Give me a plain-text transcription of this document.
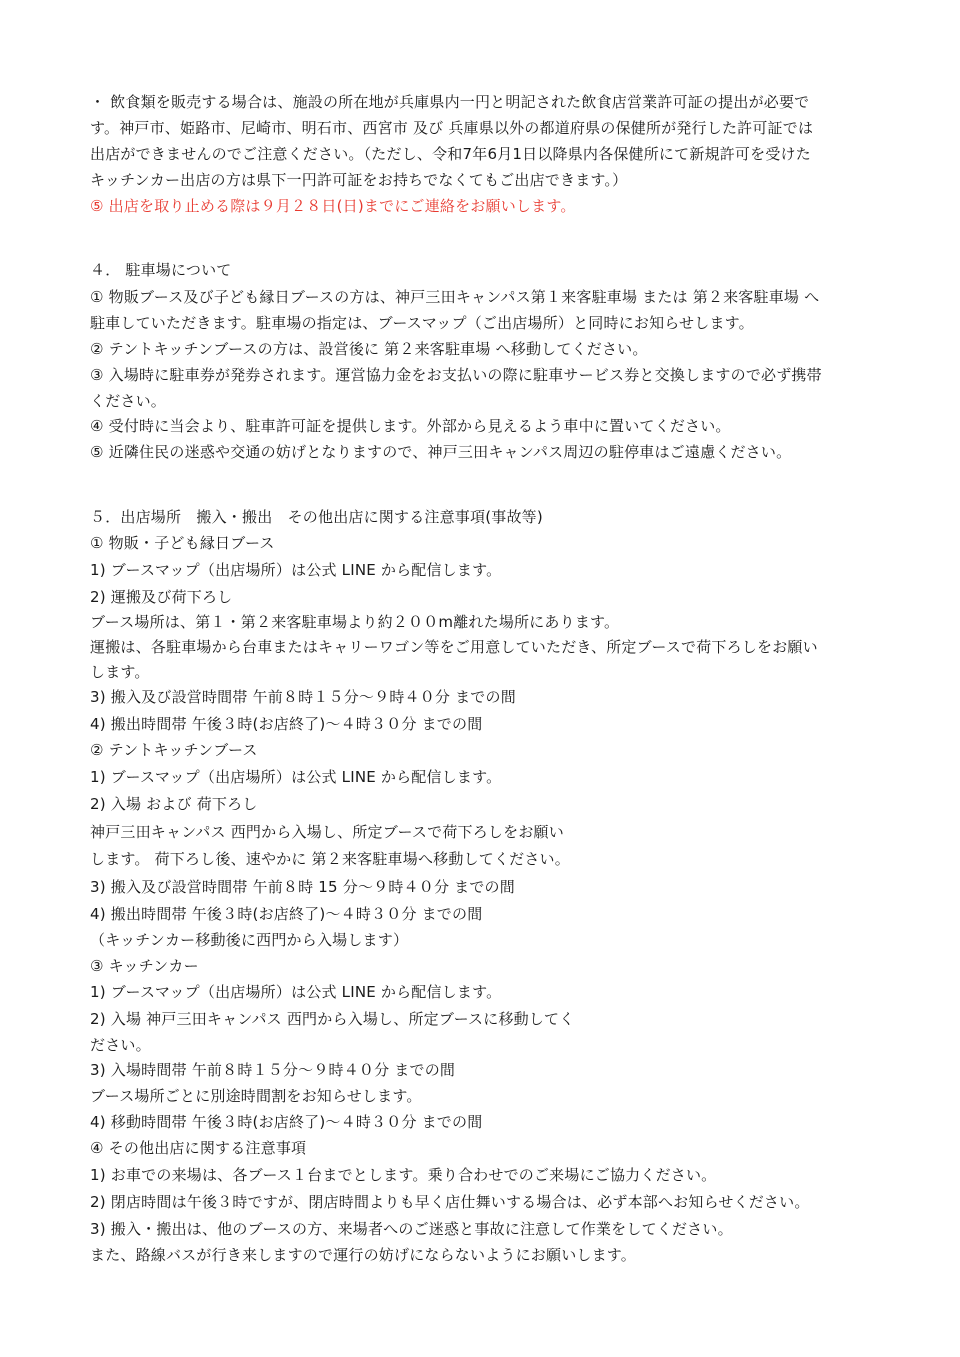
・ 飲食類を販売する場合は、施設の所在地が兵庫県内一円と明記された飲食店営業許可証の提出が必要で
す。神戸市、姫路市、尼崎市、明石市、西宮市 及び 兵庫県以外の都道府県の保健所が発行した許可証では
出店ができませんのでご注意ください。（ただし、令和7年6月1日以降県内各保健所にて新規許可を受けた
キッチンカー出店の方は県下一円許可証をお持ちでなくてもご出店できます。）
⑤ 出店を取り止める際は９月２８日(日)までにご連絡をお願いします。
４． 駐車場について
① 物販ブース及び子ども縁日ブースの方は、神戸三田キャンパス第１来客駐車場 または 第２来客駐車場 へ
駐車していただきます。駐車場の指定は、ブースマップ（ご出店場所）と同時にお知らせします。
② テントキッチンブースの方は、設営後に 第２来客駐車場 へ移動してください。
③ 入場時に駐車券が発券されます。運営協力金をお支払いの際に駐車サービス券と交換しますので必ず携帯
ください。
④ 受付時に当会より、駐車許可証を提供します。外部から見えるよう車中に置いてください。
⑤ 近隣住民の迷惑や交通の妨げとなりますので、神戸三田キャンパス周辺の駐停車はご遠慮ください。
５．出店場所　搬入・搬出　その他出店に関する注意事項(事故等)
① 物販・子ども縁日ブース
1) ブースマップ（出店場所）は公式 LINE から配信します。
2) 運搬及び荷下ろし
ブース場所は、第１・第２来客駐車場より約２００m離れた場所にあります。
運搬は、各駐車場から台車またはキャリーワゴン等をご用意していただき、所定ブースで荷下ろしをお願い
します。
3) 搬入及び設営時間帯 午前８時１５分〜９時４０分 までの間
4) 搬出時間帯 午後３時(お店終了)〜４時３０分 までの間
② テントキッチンブース
1) ブースマップ（出店場所）は公式 LINE から配信します。
2) 入場 および 荷下ろし
神戸三田キャンパス 西門から入場し、所定ブースで荷下ろしをお願い
します。 荷下ろし後、速やかに 第２来客駐車場へ移動してください。
3) 搬入及び設営時間帯 午前８時 15 分〜９時４０分 までの間
4) 搬出時間帯 午後３時(お店終了)〜４時３０分 までの間
（キッチンカー移動後に西門から入場します）
③ キッチンカー
1) ブースマップ（出店場所）は公式 LINE から配信します。
2) 入場 神戸三田キャンパス 西門から入場し、所定ブースに移動してく
ださい。
3) 入場時間帯 午前８時１５分〜９時４０分 までの間
ブース場所ごとに別途時間割をお知らせします。
4) 移動時間帯 午後３時(お店終了)〜４時３０分 までの間
④ その他出店に関する注意事項
1) お車での来場は、各ブース１台までとします。乗り合わせでのご来場にご協力ください。
2) 閉店時間は午後３時ですが、閉店時間よりも早く店仕舞いする場合は、必ず本部へお知らせください。
3) 搬入・搬出は、他のブースの方、来場者へのご迷惑と事故に注意して作業をしてください。
また、路線バスが行き来しますので運行の妨げにならないようにお願いします。
